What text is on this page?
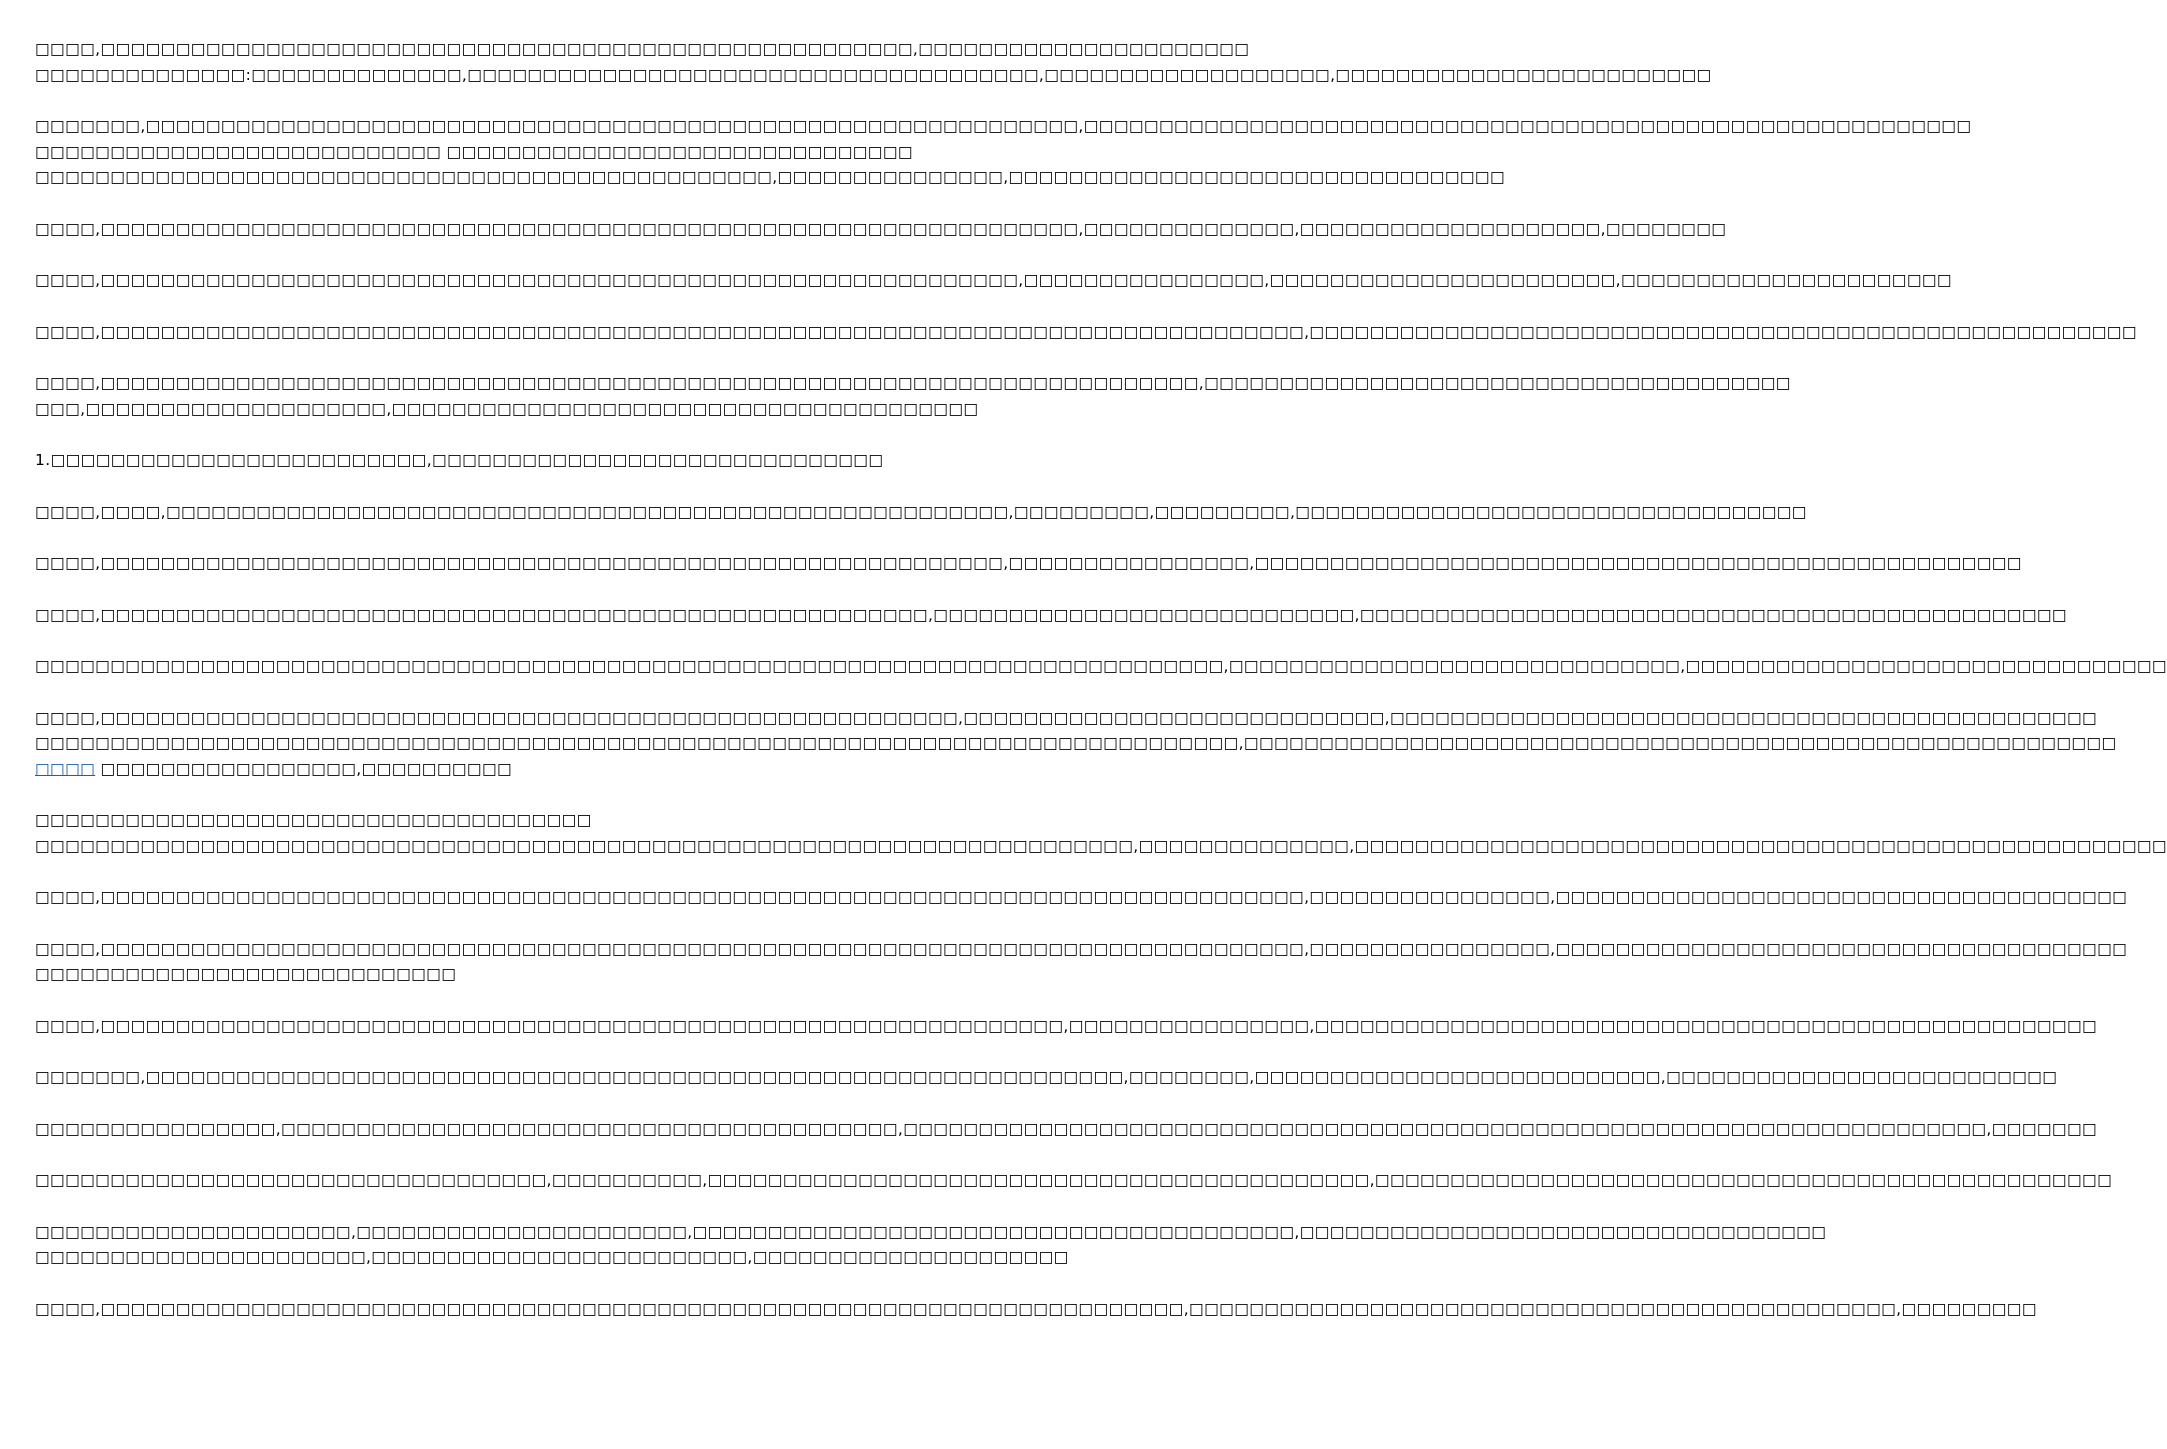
□□□□,□□□□□□□□□□□□□□□□□□□□□□□□□□□□□□□□□□□□□□□□□□□□□□□□□□□□□□,□□□□□□□□□□□□□□□□□□□□□□
□□□□□□□□□□□□□□:□□□□□□□□□□□□□□,□□□□□□□□□□□□□□□□□□□□□□□□□□□□□□□□□□□□□□,□□□□□□□□□□□□□□□□□□□,□□□□□□□□□□□□□□□□□□□□□□□□□
□□□□□□□,□□□□□□□□□□□□□□□□□□□□□□□□□□□□□□□□□□□□□□□□□□□□□□□□□□□□□□□□□□□□□□,□□□□□□□□□□□□□□□□□□□□□□□□□□□□□□□□□□□□□□□□□□□□□□□□□□□□□□□□□□□
□□□□□□□□□□□□□□□□□□□□□□□□□□□ □□□□□□□□□□□□□□□□□□□□□□□□□□□□□□□
□□□□□□□□□□□□□□□□□□□□□□□□□□□□□□□□□□□□□□□□□□□□□□□□□,□□□□□□□□□□□□□□□,□□□□□□□□□□□□□□□□□□□□□□□□□□□□□□□□□
□□□□,□□□□□□□□□□□□□□□□□□□□□□□□□□□□□□□□□□□□□□□□□□□□□□□□□□□□□□□□□□□□□□□□□,□□□□□□□□□□□□□□,□□□□□□□□□□□□□□□□□□□□,□□□□□□□□
□□□□,□□□□□□□□□□□□□□□□□□□□□□□□□□□□□□□□□□□□□□□□□□□□□□□□□□□□□□□□□□□□□,□□□□□□□□□□□□□□□□,□□□□□□□□□□□□□□□□□□□□□□□,□□□□□□□□□□□□□□□□□□□□□□
□□□□,□□□□□□□□□□□□□□□□□□□□□□□□□□□□□□□□□□□□□□□□□□□□□□□□□□□□□□□□□□□□□□□□□□□□□□□□□□□□□□□□,□□□□□□□□□□□□□□□□□□□□□□□□□□□□□□□□□□□□□□□□□□□□□□□□□□□□□□□
□□□□,□□□□□□□□□□□□□□□□□□□□□□□□□□□□□□□□□□□□□□□□□□□□□□□□□□□□□□□□□□□□□□□□□□□□□□□□□,□□□□□□□□□□□□□□□□□□□□□□□□□□□□□□□□□□□□□□□
□□□,□□□□□□□□□□□□□□□□□□□□,□□□□□□□□□□□□□□□□□□□□□□□□□□□□□□□□□□□□□□□
1.□□□□□□□□□□□□□□□□□□□□□□□□□,□□□□□□□□□□□□□□□□□□□□□□□□□□□□□□
□□□□,□□□□,□□□□□□□□□□□□□□□□□□□□□□□□□□□□□□□□□□□□□□□□□□□□□□□□□□□□□□□□,□□□□□□□□□,□□□□□□□□□,□□□□□□□□□□□□□□□□□□□□□□□□□□□□□□□□□□
□□□□,□□□□□□□□□□□□□□□□□□□□□□□□□□□□□□□□□□□□□□□□□□□□□□□□□□□□□□□□□□□□,□□□□□□□□□□□□□□□□,□□□□□□□□□□□□□□□□□□□□□□□□□□□□□□□□□□□□□□□□□□□□□□□□□□□
□□□□,□□□□□□□□□□□□□□□□□□□□□□□□□□□□□□□□□□□□□□□□□□□□□□□□□□□□□□□,□□□□□□□□□□□□□□□□□□□□□□□□□□□□,□□□□□□□□□□□□□□□□□□□□□□□□□□□□□□□□□□□□□□□□□□□□□□□
□□□□□□□□□□□□□□□□□□□□□□□□□□□□□□□□□□□□□□□□□□□□□□□□□□□□□□□□□□□□□□□□□□□□□□□□□□□□□□□,□□□□□□□□□□□□□□□□□□□□□□□□□□□□□□,□□□□□□□□□□□□□□□□□□□□□□□□□□□□□□□□
□□□□,□□□□□□□□□□□□□□□□□□□□□□□□□□□□□□□□□□□□□□□□□□□□□□□□□□□□□□□□□,□□□□□□□□□□□□□□□□□□□□□□□□□□□□,□□□□□□□□□□□□□□□□□□□□□□□□□□□□□□□□□□□□□□□□□□□□□□□
□□□□□□□□□□□□□□□□□□□□□□□□□□□□□□□□□□□□□□□□□□□□□□□□□□□□□□□□□□□□□□□□□□□□□□□□□□□□□□□□,□□□□□□□□□□□□□□□□□□□□□□□□□□□□□□□□□□□□□□□□□□□□□□□□□□□□□□□□□□
□□□□ □□□□□□□□□□□□□□□□□,□□□□□□□□□□
□□□□□□□□□□□□□□□□□□□□□□□□□□□□□□□□□□□□□
□□□□□□□□□□□□□□□□□□□□□□□□□□□□□□□□□□□□□□□□□□□□□□□□□□□□□□□□□□□□□□□□□□□□□□□□□,□□□□□□□□□□□□□□,□□□□□□□□□□□□□□□□□□□□□□□□□□□□□□□□□□□□□□□□□□□□□□□□□□□□□□
□□□□,□□□□□□□□□□□□□□□□□□□□□□□□□□□□□□□□□□□□□□□□□□□□□□□□□□□□□□□□□□□□□□□□□□□□□□□□□□□□□□□□,□□□□□□□□□□□□□□□□,□□□□□□□□□□□□□□□□□□□□□□□□□□□□□□□□□□□□□□
□□□□,□□□□□□□□□□□□□□□□□□□□□□□□□□□□□□□□□□□□□□□□□□□□□□□□□□□□□□□□□□□□□□□□□□□□□□□□□□□□□□□□,□□□□□□□□□□□□□□□□,□□□□□□□□□□□□□□□□□□□□□□□□□□□□□□□□□□□□□□
□□□□□□□□□□□□□□□□□□□□□□□□□□□□
□□□□,□□□□□□□□□□□□□□□□□□□□□□□□□□□□□□□□□□□□□□□□□□□□□□□□□□□□□□□□□□□□□□□□,□□□□□□□□□□□□□□□□,□□□□□□□□□□□□□□□□□□□□□□□□□□□□□□□□□□□□□□□□□□□□□□□□□□□□
□□□□□□□,□□□□□□□□□□□□□□□□□□□□□□□□□□□□□□□□□□□□□□□□□□□□□□□□□□□□□□□□□□□□□□□□□,□□□□□□□□,□□□□□□□□□□□□□□□□□□□□□□□□□□□,□□□□□□□□□□□□□□□□□□□□□□□□□□
□□□□□□□□□□□□□□□□,□□□□□□□□□□□□□□□□□□□□□□□□□□□□□□□□□□□□□□□□□,□□□□□□□□□□□□□□□□□□□□□□□□□□□□□□□□□□□□□□□□□□□□□□□□□□□□□□□□□□□□□□□□□□□□□□□□,□□□□□□□
□□□□□□□□□□□□□□□□□□□□□□□□□□□□□□□□□□,□□□□□□□□□□,□□□□□□□□□□□□□□□□□□□□□□□□□□□□□□□□□□□□□□□□□□□□,□□□□□□□□□□□□□□□□□□□□□□□□□□□□□□□□□□□□□□□□□□□□□□□□□
□□□□□□□□□□□□□□□□□□□□□,□□□□□□□□□□□□□□□□□□□□□□,□□□□□□□□□□□□□□□□□□□□□□□□□□□□□□□□□□□□□□□□,□□□□□□□□□□□□□□□□□□□□□□□□□□□□□□□□□□□
□□□□□□□□□□□□□□□□□□□□□□,□□□□□□□□□□□□□□□□□□□□□□□□□,□□□□□□□□□□□□□□□□□□□□□
□□□□,□□□□□□□□□□□□□□□□□□□□□□□□□□□□□□□□□□□□□□□□□□□□□□□□□□□□□□□□□□□□□□□□□□□□□□□□,□□□□□□□□□□□□□□□□□□□□□□□□□□□□□□□□□□□□□□□□□□□□□□□,□□□□□□□□□
